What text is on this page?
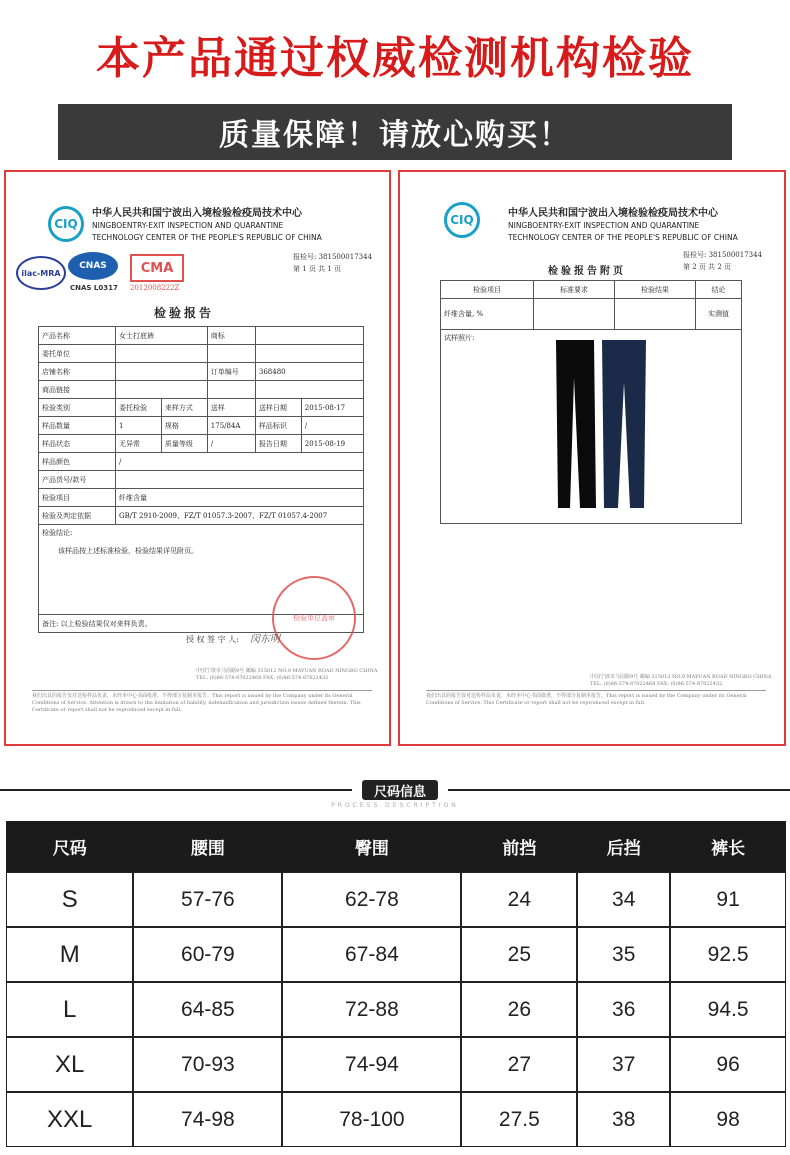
本产品通过权威检测机构检验
质量保障！请放心购买！
CIQ
中华人民共和国宁波出入境检验检疫局技术中心
NINGBOENTRY-EXIT INSPECTION AND QUARANTINE
TECHNOLOGY CENTER OF THE PEOPLE'S REPUBLIC OF CHINA
ilac-MRA
CNAS
CNAS L0317
CMA
2012008222Z
报检号: 381500017344
第 1 页 共 1 页
检验报告
产品名称	女士打底裤		商标		
委托单位					
店铺名称			订单编号	368480	
商品链接					
检验类别	委托检验	来样方式	送样	送样日期	2015-08-17
样品数量	1	规格	175/84A	样品标识	/
样品状态	无异常	质量等级	/	报告日期	2015-08-19
样品颜色	/				
产品货号/款号					
检验项目	纤维含量				
检验及判定依据	GB/T 2910-2009、FZ/T 01057.3-2007、FZ/T 01057.4-2007				

检验结论:
该样品按上述标准检验，检验结果详见附页。					

备注: 以上检验结果仅对来样负责。					
检验单位盖章
授 权 签 字 人: 闵东明
中国宁波市马园路9号 邮编 315012 NO.9 MAYUAN ROAD NINGBO CHINA
TEL: (0)86-574-87022468 FAX: (0)86-574-87022432
我们出具的报告仅对送检样品负责，未经本中心书面批准，不得部分复制本报告。This report is issued by the Company under its General Conditions of Service. Attention is drawn to the limitation of liability, indemnification and jurisdiction issues defined therein. This Certificate or report shall not be reproduced except in full.
CIQ	中华人民共和国宁波出入境检验检疫局技术中心
NINGBOENTRY-EXIT INSPECTION AND QUARANTINE
TECHNOLOGY CENTER OF THE PEOPLE'S REPUBLIC OF CHINA
报检号: 381500017344
第 2 页 共 2 页
检验报告附页
检验项目	标准要求	检验结果	结论
纤维含量, %			实测值

试样照片:			
中国宁波市马园路9号 邮编 315012 NO.9 MAYUAN ROAD NINGBO CHINA
TEL: (0)86-574-87022468 FAX: (0)86-574-87022432
我们出具的报告仅对送检样品负责，未经本中心书面批准，不得部分复制本报告。This report is issued by the Company under its General Conditions of Service. This Certificate or report shall not be reproduced except in full.
尺码信息
PROCESS DESCRIPTION
尺码	腰围	臀围	前挡	后挡	裤长
S	57-76	62-78	24	34	91
M	60-79	67-84	25	35	92.5
L	64-85	72-88	26	36	94.5
XL	70-93	74-94	27	37	96
XXL	74-98	78-100	27.5	38	98
